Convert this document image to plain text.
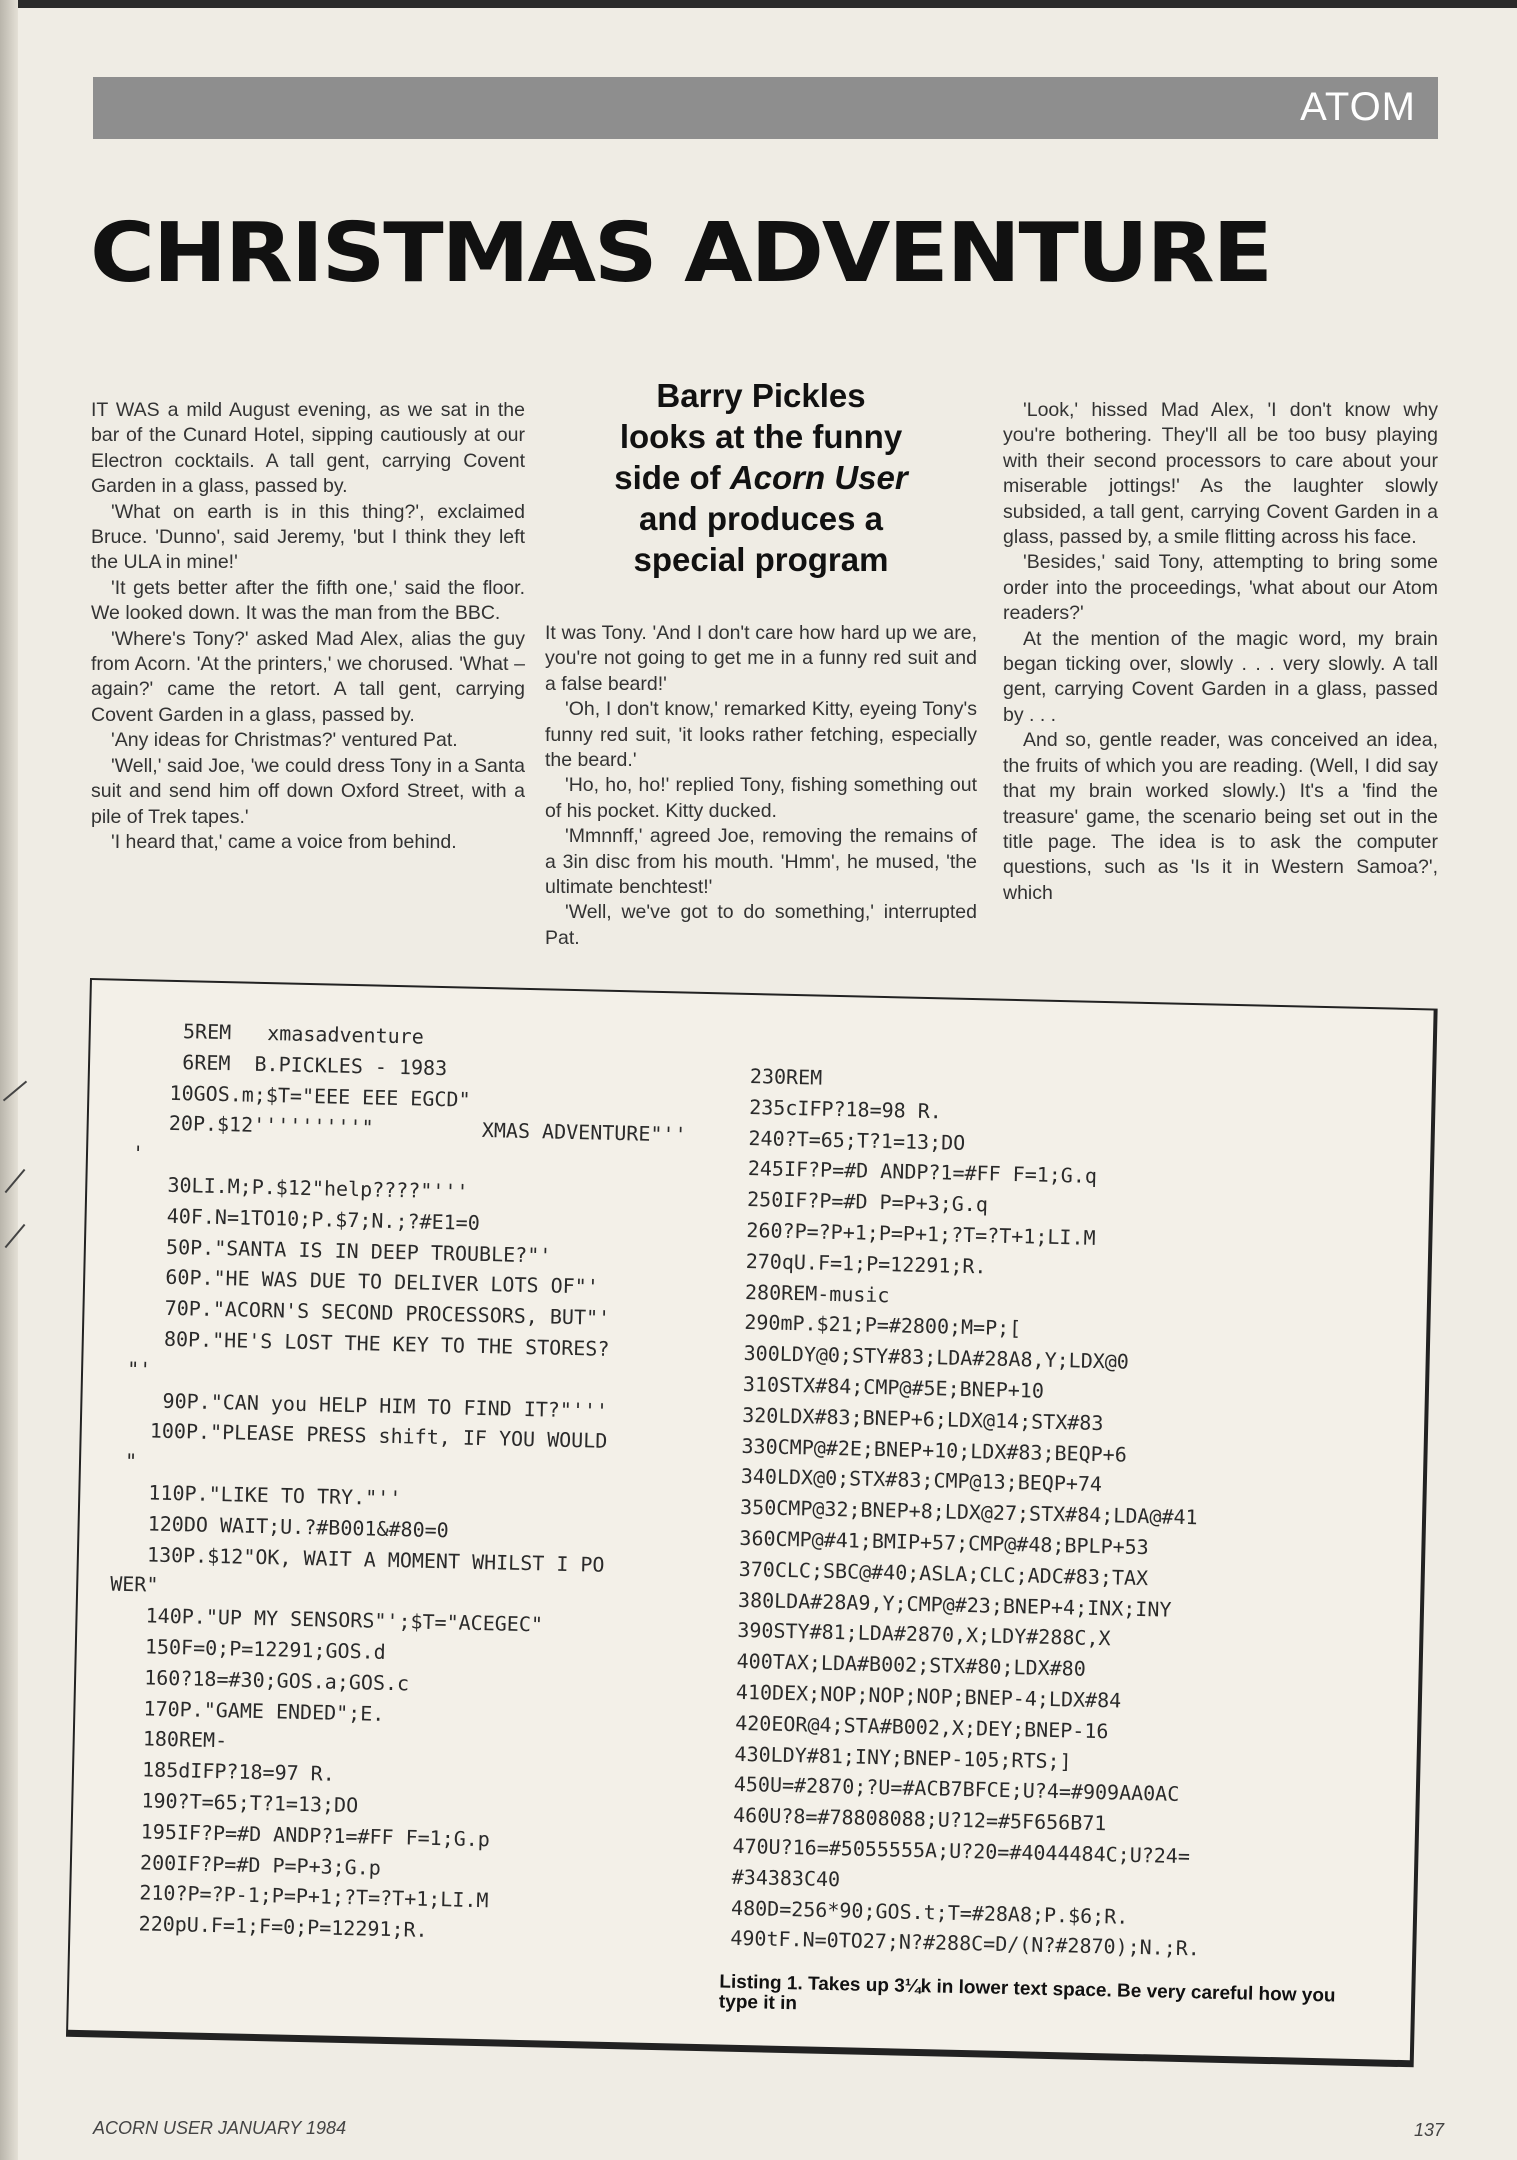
ATOM
CHRISTMAS ADVENTURE

IT WAS a mild August evening, as we sat in the bar of the Cunard Hotel, sipping cautiously at our Electron cocktails. A tall gent, carrying Covent Garden in a glass, passed by.

'What on earth is in this thing?', exclaimed Bruce. 'Dunno', said Jeremy, 'but I think they left the ULA in mine!'

'It gets better after the fifth one,' said the floor. We looked down. It was the man from the BBC.

'Where's Tony?' asked Mad Alex, alias the guy from Acorn. 'At the printers,' we chorused. 'What – again?' came the retort. A tall gent, carrying Covent Garden in a glass, passed by.

'Any ideas for Christmas?' ventured Pat.

'Well,' said Joe, 'we could dress Tony in a Santa suit and send him off down Oxford Street, with a pile of Trek tapes.'

'I heard that,' came a voice from behind.

Barry Pickles
looks at the funny
side of Acorn User
and produces a
special program

It was Tony. 'And I don't care how hard up we are, you're not going to get me in a funny red suit and a false beard!'

'Oh, I don't know,' remarked Kitty, eyeing Tony's funny red suit, 'it looks rather fetching, especially the beard.'

'Ho, ho, ho!' replied Tony, fishing something out of his pocket. Kitty ducked.

'Mmnnff,' agreed Joe, removing the remains of a 3in disc from his mouth. 'Hmm', he mused, 'the ultimate benchtest!'

'Well, we've got to do something,' interrupted Pat.

'Look,' hissed Mad Alex, 'I don't know why you're bothering. They'll all be too busy playing with their second processors to care about your miserable jottings!' As the laughter slowly subsided, a tall gent, carrying Covent Garden in a glass, passed by, a smile flitting across his face.

'Besides,' said Tony, attempting to bring some order into the proceedings, 'what about our Atom readers?'

At the mention of the magic word, my brain began ticking over, slowly . . . very slowly. A tall gent, carrying Covent Garden in a glass, passed by . . .

And so, gentle reader, was conceived an idea, the fruits of which you are reading. (Well, I did say that my brain worked slowly.) It's a 'find the treasure' game, the scenario being set out in the title page. The idea is to ask the computer questions, such as 'Is it in Western Samoa?', which

5REM   xmasadventure
6REM  B.PICKLES - 1983
10GOS.m;$T="EEE EEE EGCD"
20P.$12'''''''''"         XMAS ADVENTURE"''
'
30LI.M;P.$12"help????"'''
40F.N=1TO10;P.$7;N.;?#E1=0
50P."SANTA IS IN DEEP TROUBLE?"'
60P."HE WAS DUE TO DELIVER LOTS OF"'
70P."ACORN'S SECOND PROCESSORS, BUT"'
80P."HE'S LOST THE KEY TO THE STORES?
"'
90P."CAN you HELP HIM TO FIND IT?"'''
100P."PLEASE PRESS shift, IF YOU WOULD
"
110P."LIKE TO TRY."''
120DO WAIT;U.?#B001&#80=0
130P.$12"OK, WAIT A MOMENT WHILST I PO
WER"
140P."UP MY SENSORS"';$T="ACEGEC"
150F=0;P=12291;GOS.d
160?18=#30;GOS.a;GOS.c
170P."GAME ENDED";E.
180REM-
185dIFP?18=97 R.
190?T=65;T?1=13;DO
195IF?P=#D ANDP?1=#FF F=1;G.p
200IF?P=#D P=P+3;G.p
210?P=?P-1;P=P+1;?T=?T+1;LI.M
220pU.F=1;F=0;P=12291;R.
230REM
235cIFP?18=98 R.
240?T=65;T?1=13;DO
245IF?P=#D ANDP?1=#FF F=1;G.q
250IF?P=#D P=P+3;G.q
260?P=?P+1;P=P+1;?T=?T+1;LI.M
270qU.F=1;P=12291;R.
280REM-music
290mP.$21;P=#2800;M=P;[
300LDY@0;STY#83;LDA#28A8,Y;LDX@0
310STX#84;CMP@#5E;BNEP+10
320LDX#83;BNEP+6;LDX@14;STX#83
330CMP@#2E;BNEP+10;LDX#83;BEQP+6
340LDX@0;STX#83;CMP@13;BEQP+74
350CMP@32;BNEP+8;LDX@27;STX#84;LDA@#41
360CMP@#41;BMIP+57;CMP@#48;BPLP+53
370CLC;SBC@#40;ASLA;CLC;ADC#83;TAX
380LDA#28A9,Y;CMP@#23;BNEP+4;INX;INY
390STY#81;LDA#2870,X;LDY#288C,X
400TAX;LDA#B002;STX#80;LDX#80
410DEX;NOP;NOP;NOP;BNEP-4;LDX#84
420EOR@4;STA#B002,X;DEY;BNEP-16
430LDY#81;INY;BNEP-105;RTS;]
450U=#2870;?U=#ACB7BFCE;U?4=#909AA0AC
460U?8=#78808088;U?12=#5F656B71
470U?16=#5055555A;U?20=#4044484C;U?24=
#34383C40
480D=256*90;GOS.t;T=#28A8;P.$6;R.
490tF.N=0TO27;N?#288C=D/(N?#2870);N.;R.
Listing 1. Takes up 3¼k in lower text space. Be very careful how you type it in
ACORN USER JANUARY 1984	137
